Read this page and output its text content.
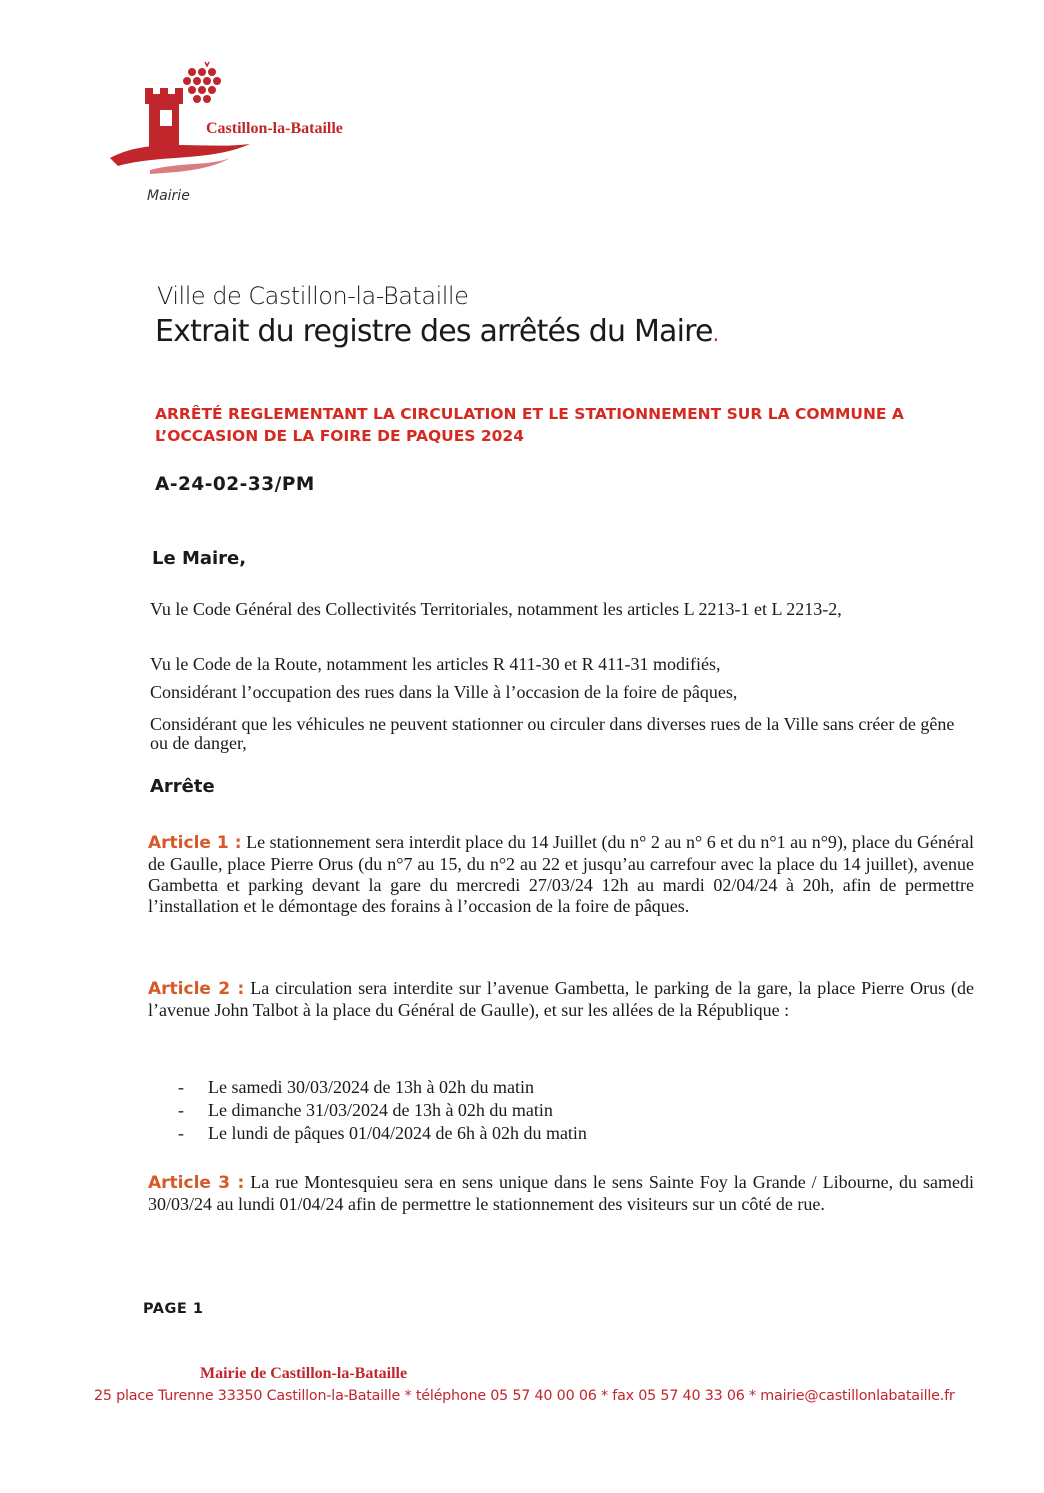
Castillon-la-Bataille
Mairie
Ville de Castillon-la-Bataille
Extrait du registre des arrêtés du Maire.
ARRÊTÉ REGLEMENTANT LA CIRCULATION ET LE STATIONNEMENT SUR LA COMMUNE A L’OCCASION DE LA FOIRE DE PAQUES 2024
A-24-02-33/PM
Le Maire,
Vu le Code Général des Collectivités Territoriales, notamment les articles L 2213-1 et L 2213-2,
Vu le Code de la Route, notamment les articles R 411-30 et R 411-31 modifiés,
Considérant l’occupation des rues dans la Ville à l’occasion de la foire de pâques,
Considérant que les véhicules ne peuvent stationner ou circuler dans diverses rues de la Ville sans créer de gêne ou de danger,
Arrête
Article 1 : Le stationnement sera interdit place du 14 Juillet (du n° 2 au n° 6 et du n°1 au n°9), place du Général de Gaulle, place Pierre Orus (du n°7 au 15, du n°2 au 22 et jusqu’au carrefour avec la place du 14 juillet), avenue Gambetta et parking devant la gare du mercredi 27/03/24 12h au mardi 02/04/24 à 20h, afin de permettre l’installation et le démontage des forains à l’occasion de la foire de pâques.
Article 2 : La circulation sera interdite sur l’avenue Gambetta, le parking de la gare, la place Pierre Orus (de l’avenue John Talbot à la place du Général de Gaulle), et sur les allées de la République :
- Le samedi 30/03/2024 de 13h à 02h du matin
- Le dimanche 31/03/2024 de 13h à 02h du matin
- Le lundi de pâques 01/04/2024 de 6h à 02h du matin
Article 3 : La rue Montesquieu sera en sens unique dans le sens Sainte Foy la Grande / Libourne, du samedi 30/03/24 au lundi 01/04/24 afin de permettre le stationnement des visiteurs sur un côté de rue.
PAGE 1
Mairie de Castillon-la-Bataille
25 place Turenne 33350 Castillon-la-Bataille * téléphone 05 57 40 00 06 * fax 05 57 40 33 06 * mairie@castillonlabataille.fr
